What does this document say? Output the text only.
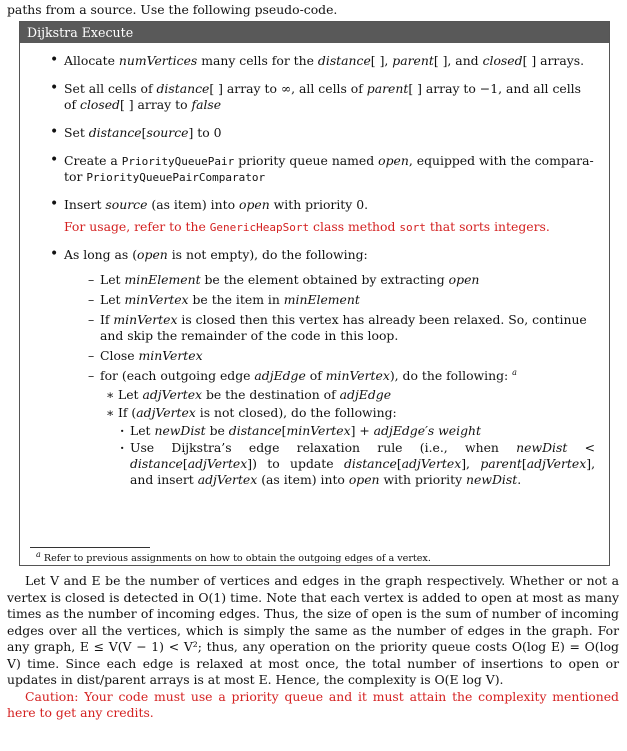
paths from a source. Use the following pseudo-code.
Dijkstra Execute
• Allocate numVertices many cells for the distance[ ], parent[ ], and closed[ ] arrays.
• Set all cells of distance[ ] array to ∞, all cells of parent[ ] array to −1, and all cells of closed[ ] array to false
• Set distance[source] to 0
• Create a PriorityQueuePair priority queue named open, equipped with the compara-tor PriorityQueuePairComparator
• Insert source (as item) into open with priority 0.
For usage, refer to the GenericHeapSort class method sort that sorts integers.
• As long as (open is not empty), do the following:
– Let minElement be the element obtained by extracting open
– Let minVertex be the item in minElement
– If minVertex is closed then this vertex has already been relaxed. So, continue and skip the remainder of the code in this loop.
– Close minVertex
– for (each outgoing edge adjEdge of minVertex), do the following: $^a$
∗ Let adjVertex be the destination of adjEdge
∗ If (adjVertex is not closed), do the following:
· Let newDist be distance[minVertex] + adjEdge′s weight
· Use Dijkstra’s edge relaxation rule (i.e., when newDist < distance[adjVertex]) to update distance[adjVertex], parent[adjVertex], and insert adjVertex (as item) into open with priority newDist.
$^a$ Refer to previous assignments on how to obtain the outgoing edges of a vertex.

Let V and E be the number of vertices and edges in the graph respectively. Whether or not a vertex is closed is detected in O(1) time. Note that each vertex is added to open at most as many times as the number of incoming edges. Thus, the size of open is the sum of number of incoming edges over all the vertices, which is simply the same as the number of edges in the graph. For any graph, E ≤ V(V − 1) < V²; thus, any operation on the priority queue costs O(log E) = O(log V) time. Since each edge is relaxed at most once, the total number of insertions to open or updates in dist/parent arrays is at most E. Hence, the complexity is O(E log V).

Caution: Your code must use a priority queue and it must attain the complexity mentioned here to get any credits.
